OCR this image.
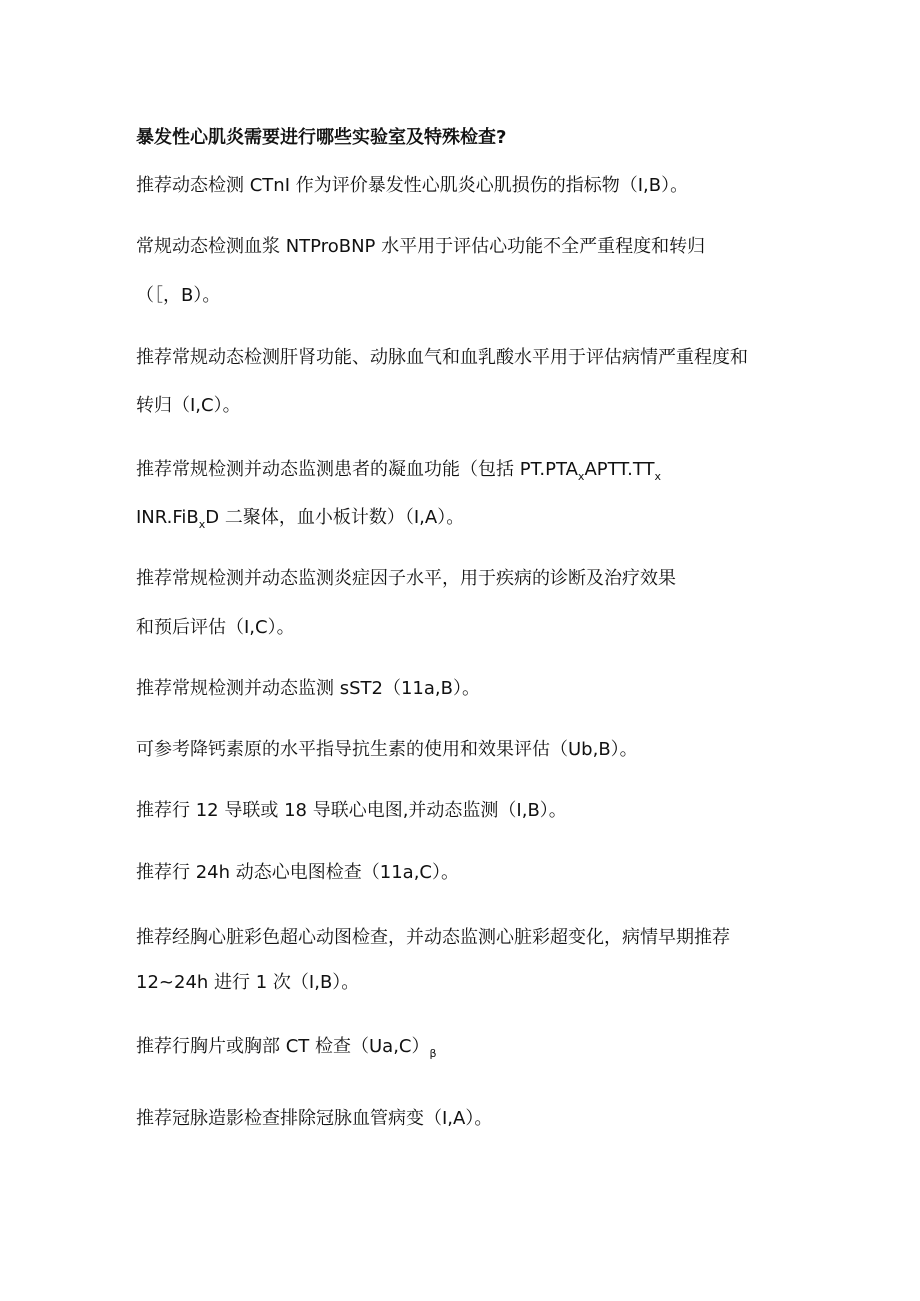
暴发性心肌炎需要进行哪些实验室及特殊检查?
推荐动态检测 CTnI 作为评价暴发性心肌炎心肌损伤的指标物（I,B）。
常规动态检测血浆 NTProBNP 水平用于评估心功能不全严重程度和转归
（［，B）。
推荐常规动态检测肝肾功能、动脉血气和血乳酸水平用于评估病情严重程度和
转归（I,C）。
推荐常规检测并动态监测患者的凝血功能（包括 $PT.PTA_xAPTT.TT_x$
INR.FiB$_x$D 二聚体，血小板计数）（I,A）。
推荐常规检测并动态监测炎症因子水平，用于疾病的诊断及治疗效果
和预后评估（I,C）。
推荐常规检测并动态监测 sST2（11a,B）。
可参考降钙素原的水平指导抗生素的使用和效果评估（Ub,B）。
推荐行 12 导联或 18 导联心电图,并动态监测（I,B）。
推荐行 24h 动态心电图检查（11a,C）。
推荐经胸心脏彩色超心动图检查，并动态监测心脏彩超变化，病情早期推荐
12~24h 进行 1 次（I,B）。
推荐行胸片或胸部 CT 检查$(Ua,C)_\beta$
推荐冠脉造影检查排除冠脉血管病变（I,A）。
